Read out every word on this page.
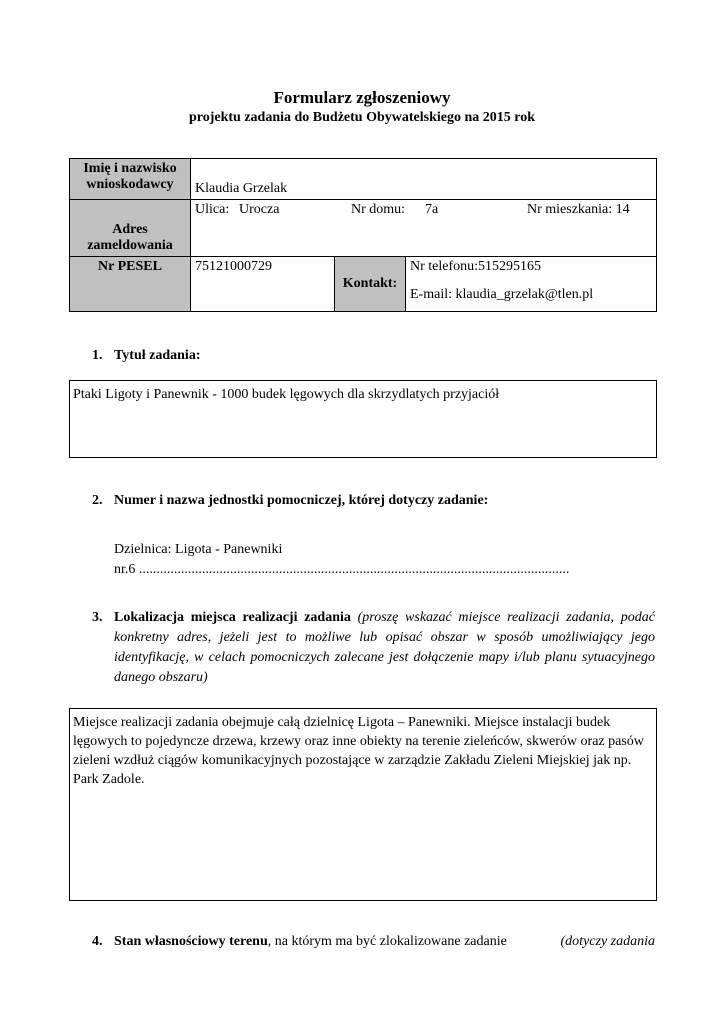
Formularz zgłoszeniowy
projektu zadania do Budżetu Obywatelskiego na 2015 rok
Imię i nazwisko wnioskodawcy	Klaudia Grzelak		
Adres zameldowania	Ulica: Urocza Nr domu: 7a Nr mieszkania: 14		

Nr PESEL	75121000729	Kontakt:	Nr telefonu:515295165
E-mail: klaudia_grzelak@tlen.pl
1. Tytuł zadania:
Ptaki Ligoty i Panewnik - 1000 budek lęgowych dla skrzydlatych przyjaciół
2. Numer i nazwa jednostki pomocniczej, której dotyczy zadanie:
Dzielnica: Ligota - Panewniki
nr.6 ...........................................................................................................................
3. Lokalizacja miejsca realizacji zadania (proszę wskazać miejsce realizacji zadania, podać konkretny adres, jeżeli jest to możliwe lub opisać obszar w sposób umożliwiający jego identyfikację, w celach pomocniczych zalecane jest dołączenie mapy i/lub planu sytuacyjnego danego obszaru)
Miejsce realizacji zadania obejmuje całą dzielnicę Ligota – Panewniki. Miejsce instalacji budek lęgowych to pojedyncze drzewa, krzewy oraz inne obiekty na terenie zieleńców, skwerów oraz pasów zieleni wzdłuż ciągów komunikacyjnych pozostające w zarządzie Zakładu Zieleni Miejskiej jak np. Park Zadole.
4. Stan własnościowy terenu, na którym ma być zlokalizowane zadanie	(dotyczy zadania
